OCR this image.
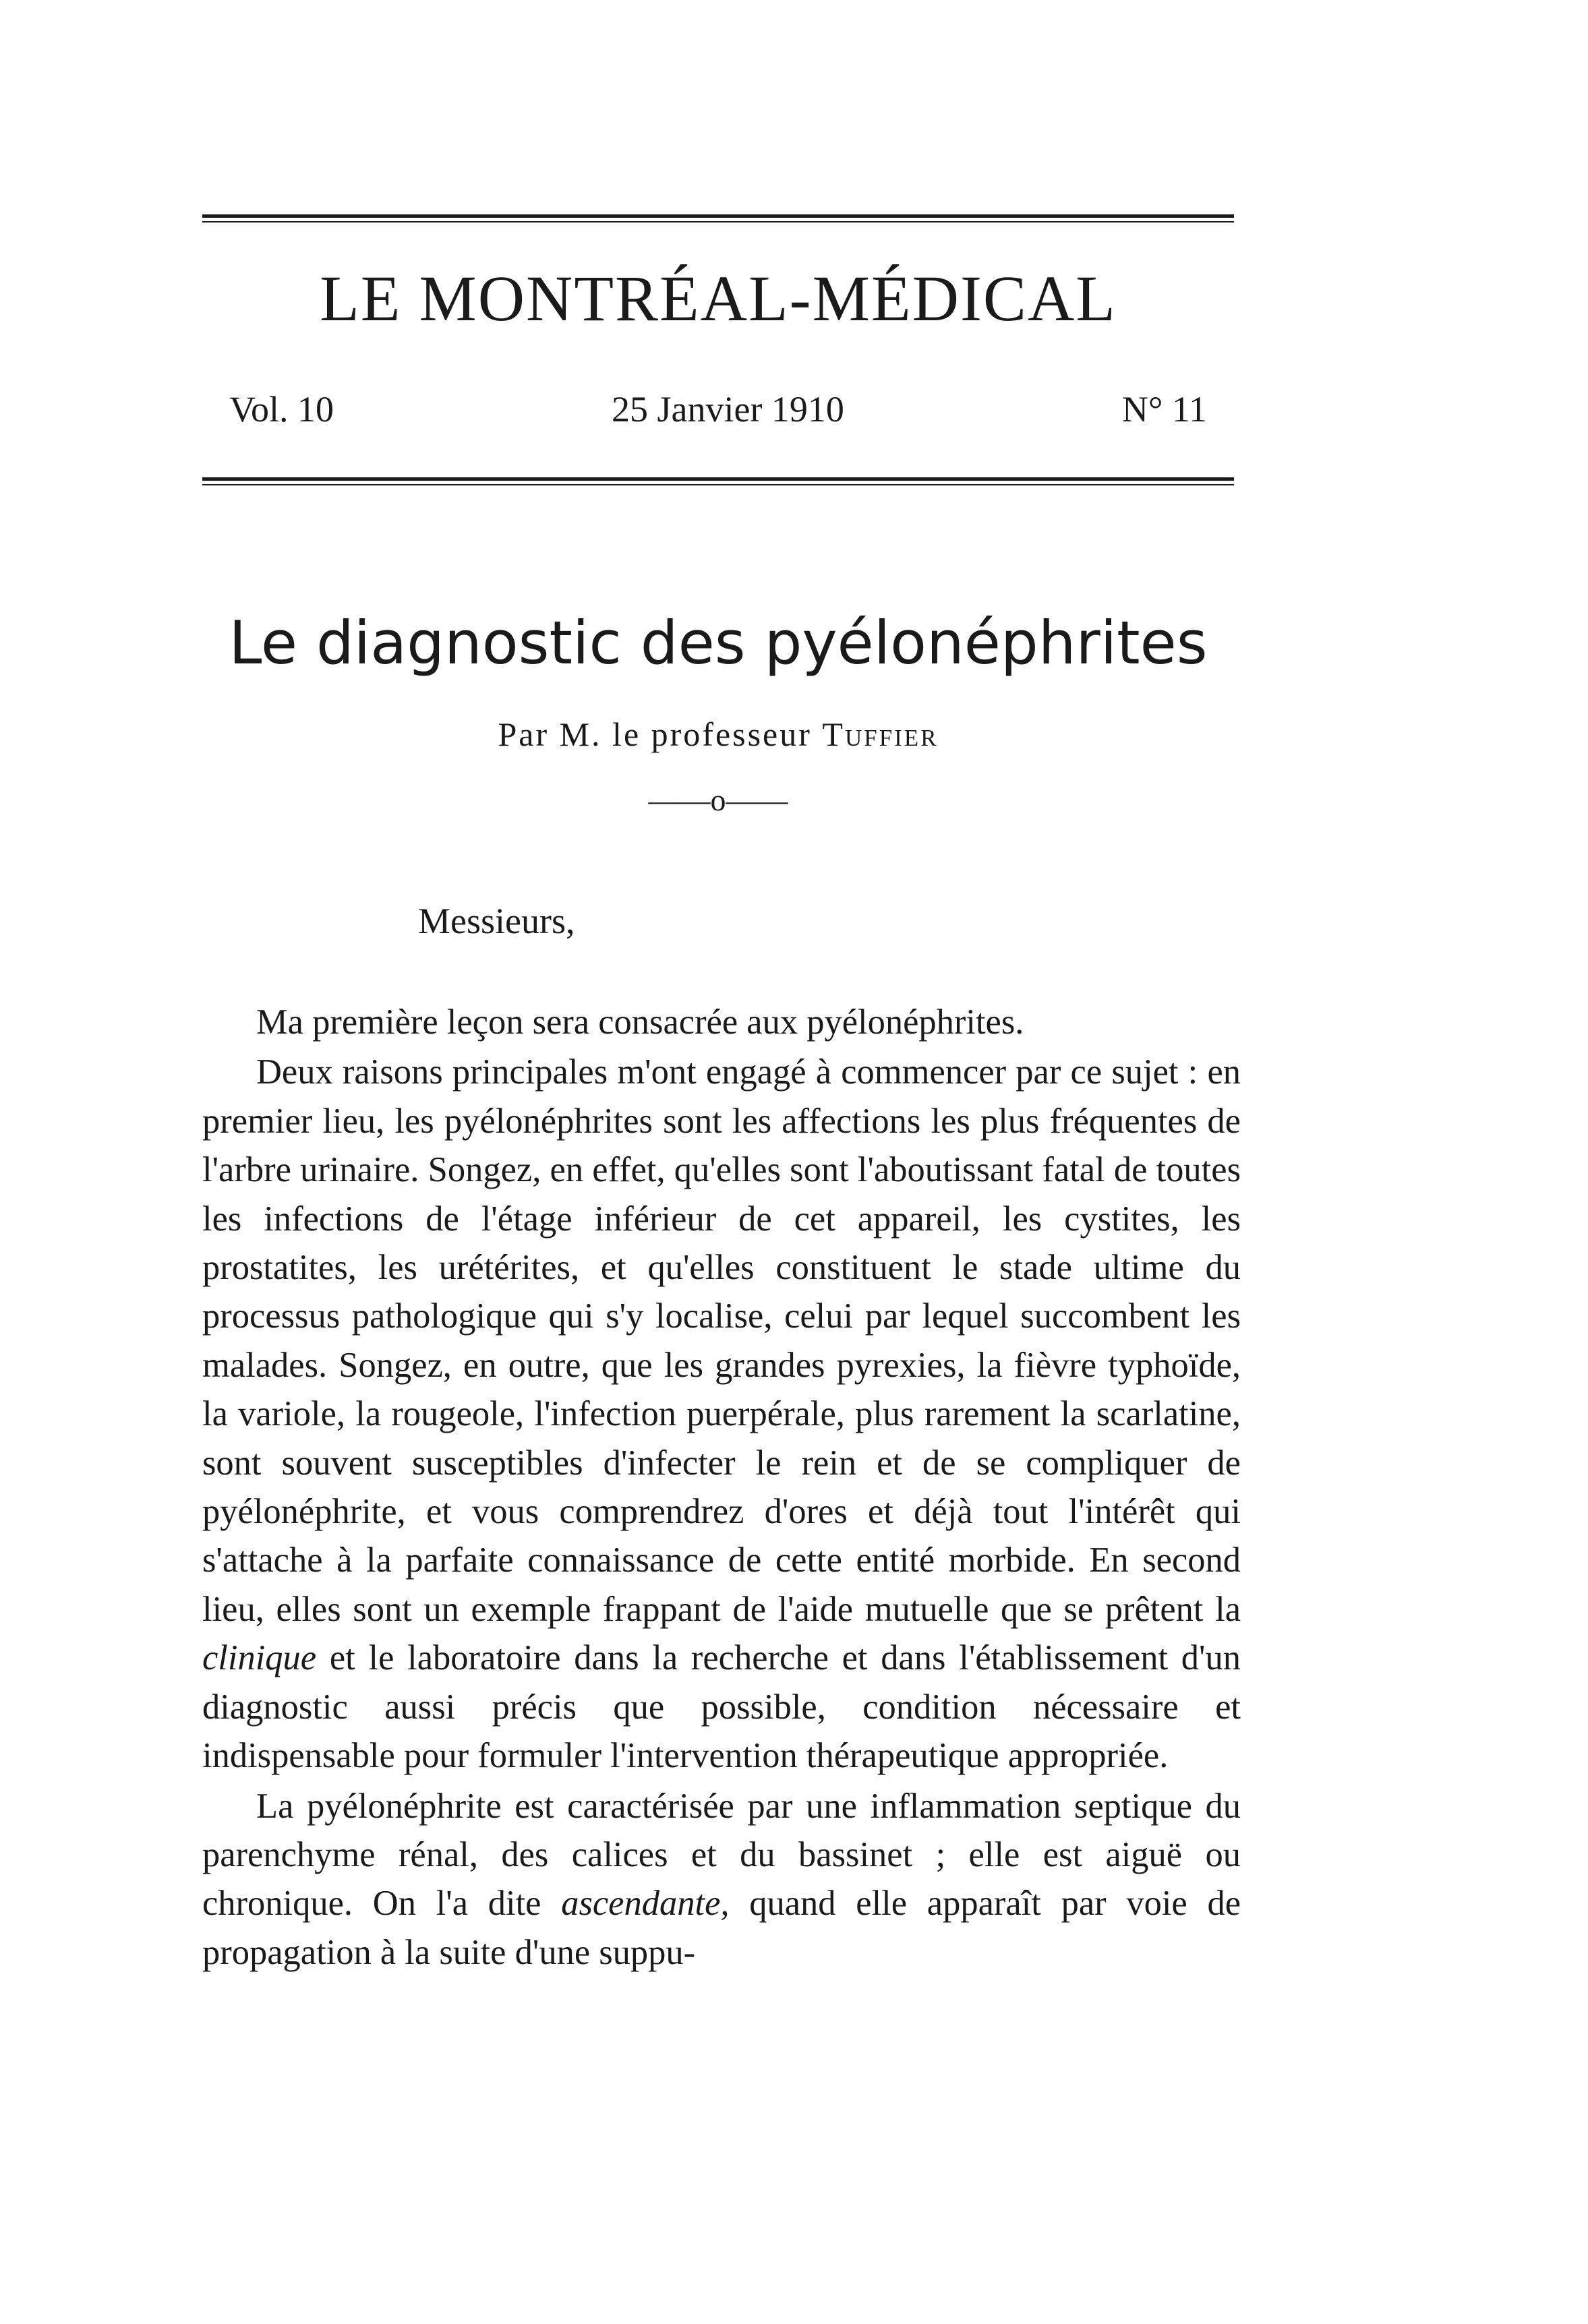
LE MONTRÉAL-MÉDICAL
Vol. 10	25 Janvier 1910	N° 11
Le diagnostic des pyélonéphrites
Par M. le professeur Tuffier
——o——
Messieurs,

Ma première leçon sera consacrée aux pyélonéphrites.

Deux raisons principales m'ont engagé à commencer par ce sujet : en premier lieu, les pyélonéphrites sont les affections les plus fréquentes de l'arbre urinaire. Songez, en effet, qu'elles sont l'aboutissant fatal de toutes les infections de l'étage inférieur de cet appareil, les cystites, les prostatites, les urétérites, et qu'elles constituent le stade ultime du processus pathologique qui s'y localise, celui par lequel succombent les malades. Songez, en outre, que les grandes pyrexies, la fièvre typhoïde, la variole, la rougeole, l'infection puerpérale, plus rarement la scarlatine, sont souvent susceptibles d'infecter le rein et de se compliquer de pyélonéphrite, et vous comprendrez d'ores et déjà tout l'intérêt qui s'attache à la parfaite connaissance de cette entité morbide. En second lieu, elles sont un exemple frappant de l'aide mutuelle que se prêtent la clinique et le laboratoire dans la recherche et dans l'établissement d'un diagnostic aussi précis que possible, condition nécessaire et indispensable pour formuler l'intervention thérapeutique appropriée.

La pyélonéphrite est caractérisée par une inflammation septique du parenchyme rénal, des calices et du bassinet ; elle est aiguë ou chronique. On l'a dite ascendante, quand elle apparaît par voie de propagation à la suite d'une suppu-
